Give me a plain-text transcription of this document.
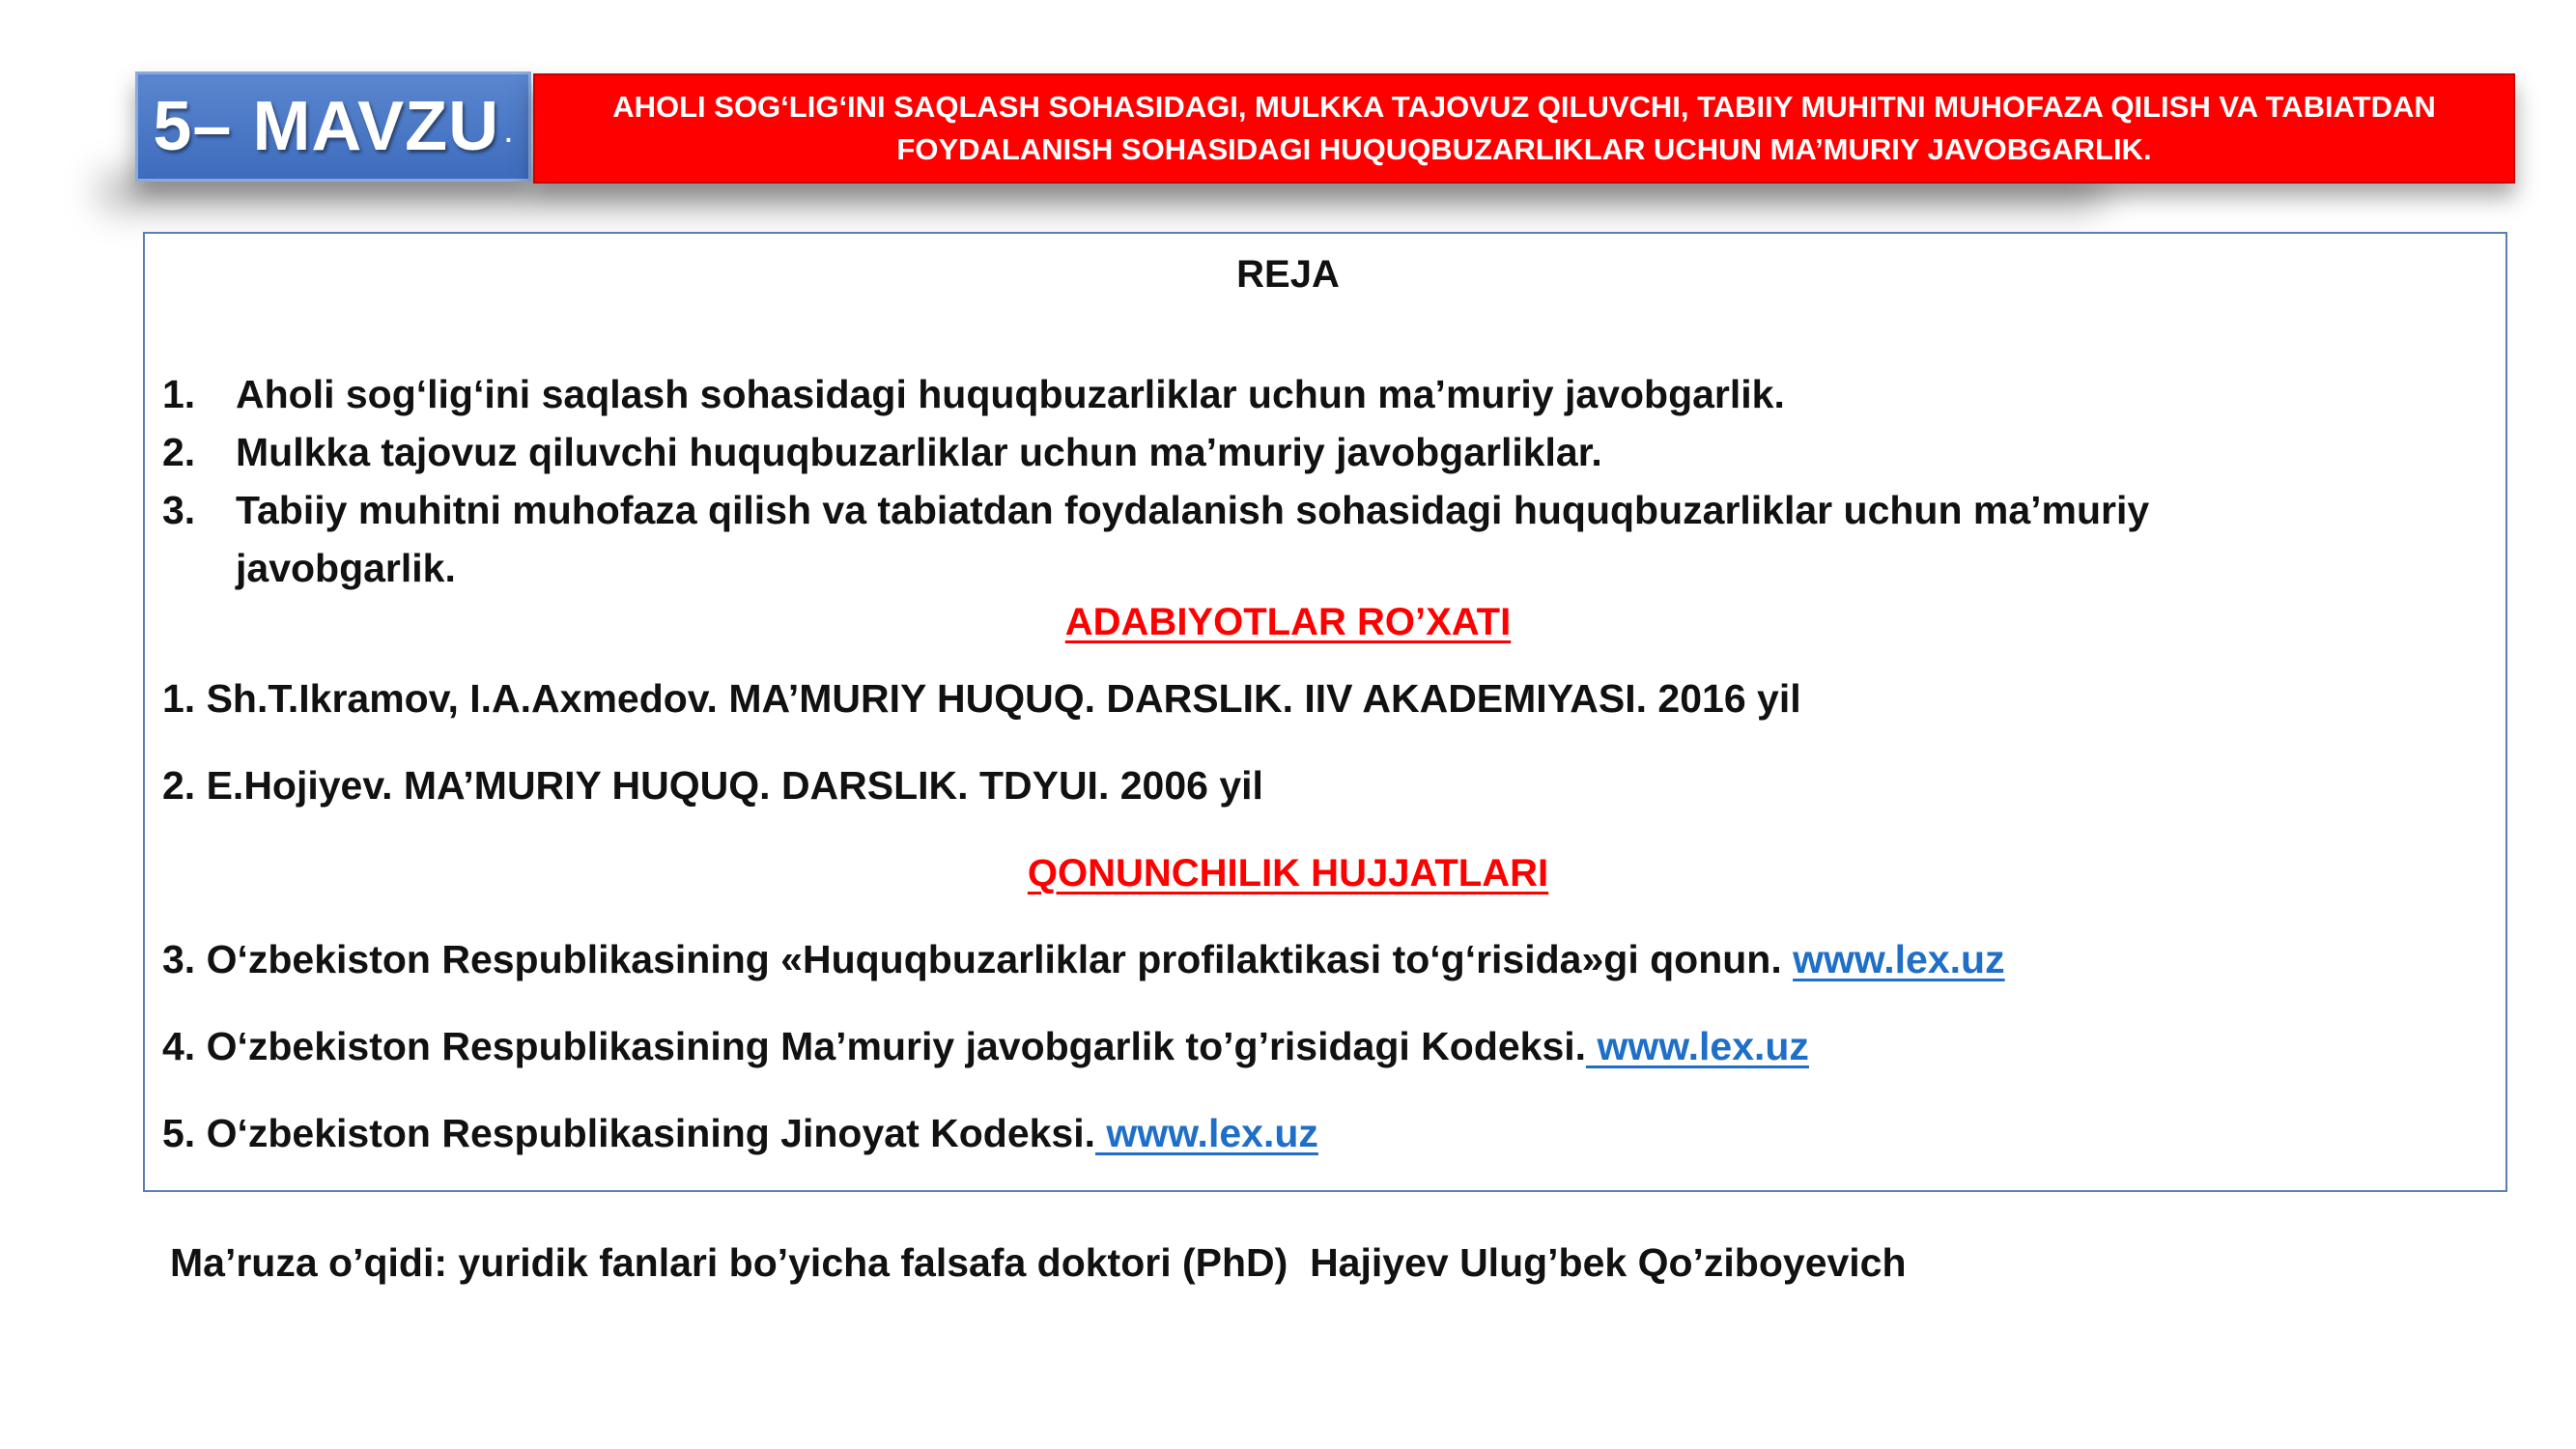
5– MAVZU .
AHOLI SOG‘LIG‘INI SAQLASH SOHASIDAGI, MULKKA TAJOVUZ QILUVCHI, TABIIY MUHITNI MUHOFAZA QILISH VA TABIATDAN FOYDALANISH SOHASIDAGI HUQUQBUZARLIKLAR UCHUN MA’MURIY JAVOBGARLIK.
REJA
1.	Aholi sog‘lig‘ini saqlash sohasidagi huquqbuzarliklar uchun ma’muriy javobgarlik.
2.	Mulkka tajovuz qiluvchi huquqbuzarliklar uchun ma’muriy javobgarliklar.
3.	Tabiiy muhitni muhofaza qilish va tabiatdan foydalanish sohasidagi huquqbuzarliklar uchun ma’muriy javobgarlik.
ADABIYOTLAR RO’XATI
1. Sh.T.Ikramov, I.A.Axmedov. MA’MURIY HUQUQ. DARSLIK. IIV AKADEMIYASI. 2016 yil
2. E.Hojiyev. MA’MURIY HUQUQ. DARSLIK. TDYUI. 2006 yil
QONUNCHILIK HUJJATLARI
3. O‘zbekiston Respublikasining «Huquqbuzarliklar profilaktikasi to‘g‘risida»gi qonun. www.lex.uz
4. O‘zbekiston Respublikasining Ma’muriy javobgarlik to’g’risidagi Kodeksi. www.lex.uz
5. O‘zbekiston Respublikasining Jinoyat Kodeksi. www.lex.uz
Ma’ruza o’qidi: yuridik fanlari bo’yicha falsafa doktori (PhD)  Hajiyev Ulug’bek Qo’ziboyevich
